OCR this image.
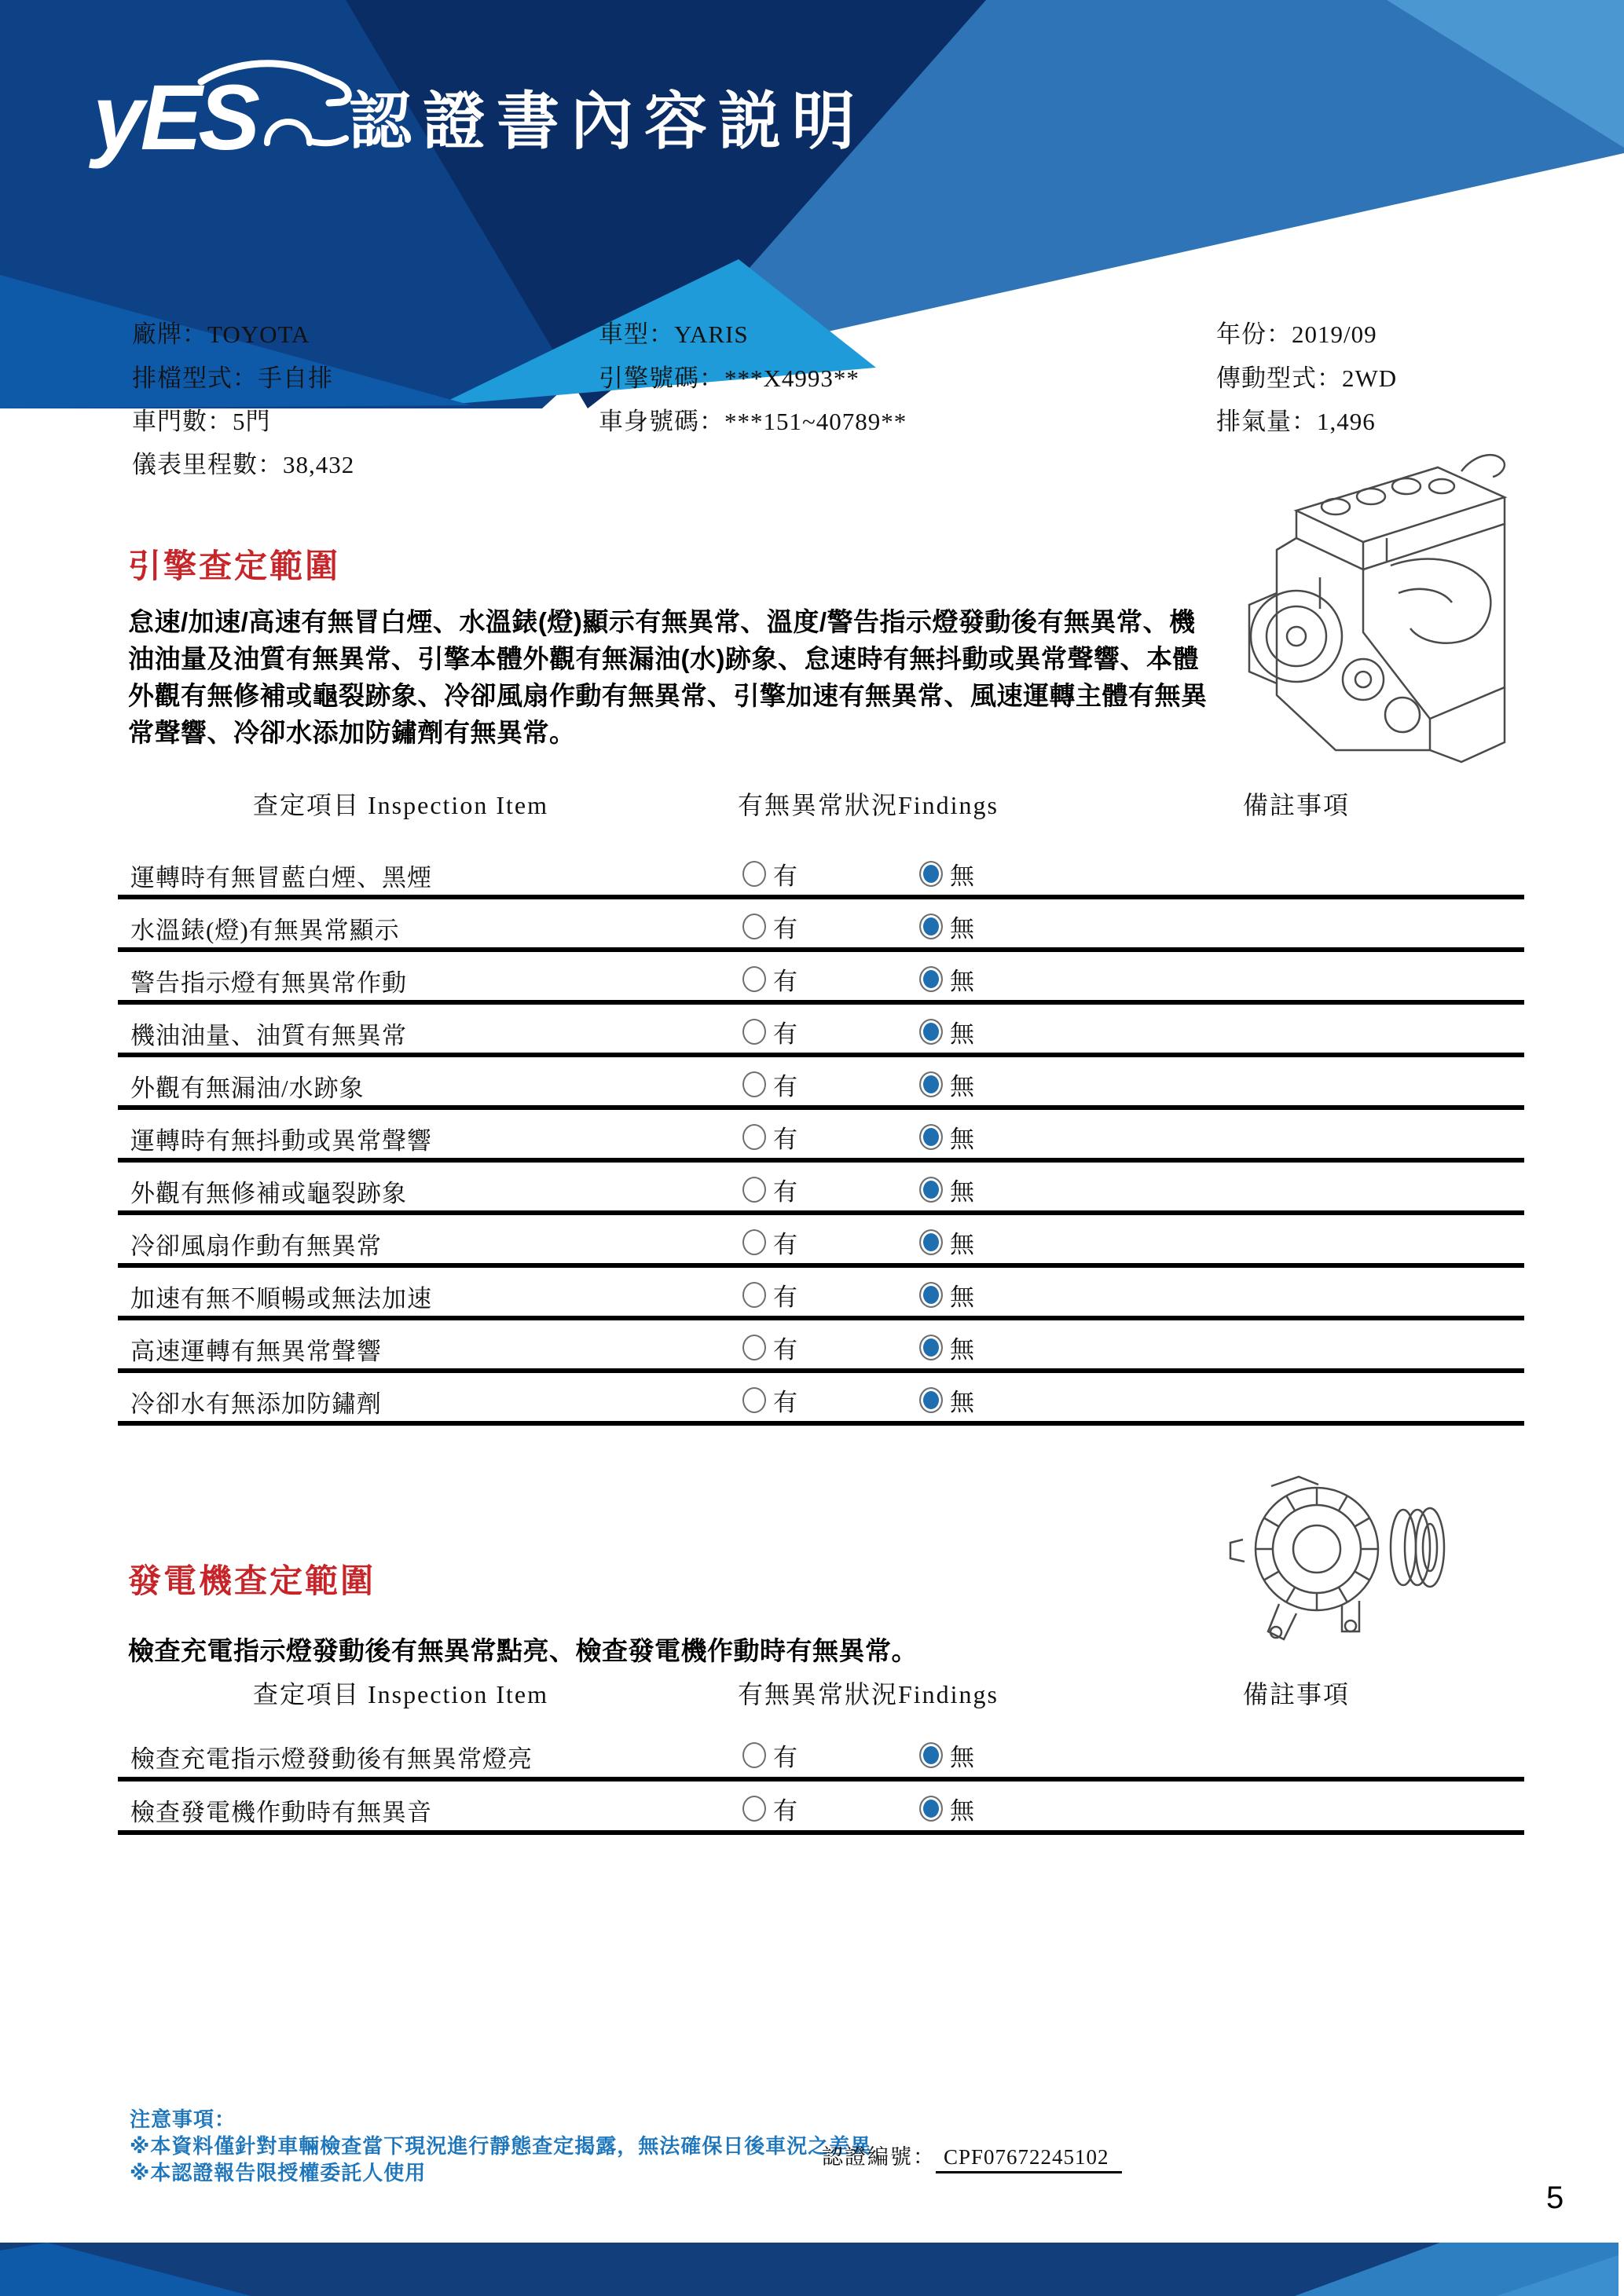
yES 認證書內容説明
廠牌：TOYOTA
排檔型式：手自排
車門數：5門
儀表里程數：38,432
車型：YARIS
引擎號碼：***X4993**
車身號碼：***151~40789**
年份：2019/09
傳動型式：2WD
排氣量：1,496
引擎查定範圍
怠速/加速/高速有無冒白煙、水溫錶(燈)顯示有無異常、溫度/警告指示燈發動後有無異常、機油油量及油質有無異常、引擎本體外觀有無漏油(水)跡象、怠速時有無抖動或異常聲響、本體外觀有無修補或龜裂跡象、冷卻風扇作動有無異常、引擎加速有無異常、風速運轉主體有無異常聲響、冷卻水添加防鏽劑有無異常。
查定項目 Inspection Item	有無異常狀況Findings	備註事項
運轉時有無冒藍白煙、黑煙	有	無
水溫錶(燈)有無異常顯示	有	無
警告指示燈有無異常作動	有	無
機油油量、油質有無異常	有	無
外觀有無漏油/水跡象	有	無
運轉時有無抖動或異常聲響	有	無
外觀有無修補或龜裂跡象	有	無
冷卻風扇作動有無異常	有	無
加速有無不順暢或無法加速	有	無
高速運轉有無異常聲響	有	無
冷卻水有無添加防鏽劑	有	無
發電機查定範圍
檢查充電指示燈發動後有無異常點亮、檢查發電機作動時有無異常。
查定項目 Inspection Item	有無異常狀況Findings	備註事項
檢查充電指示燈發動後有無異常燈亮	有	無
檢查發電機作動時有無異音	有	無
注意事項：
※本資料僅針對車輛檢查當下現況進行靜態查定揭露，無法確保日後車況之差異
※本認證報告限授權委託人使用
認證編號： CPF07672245102
5
